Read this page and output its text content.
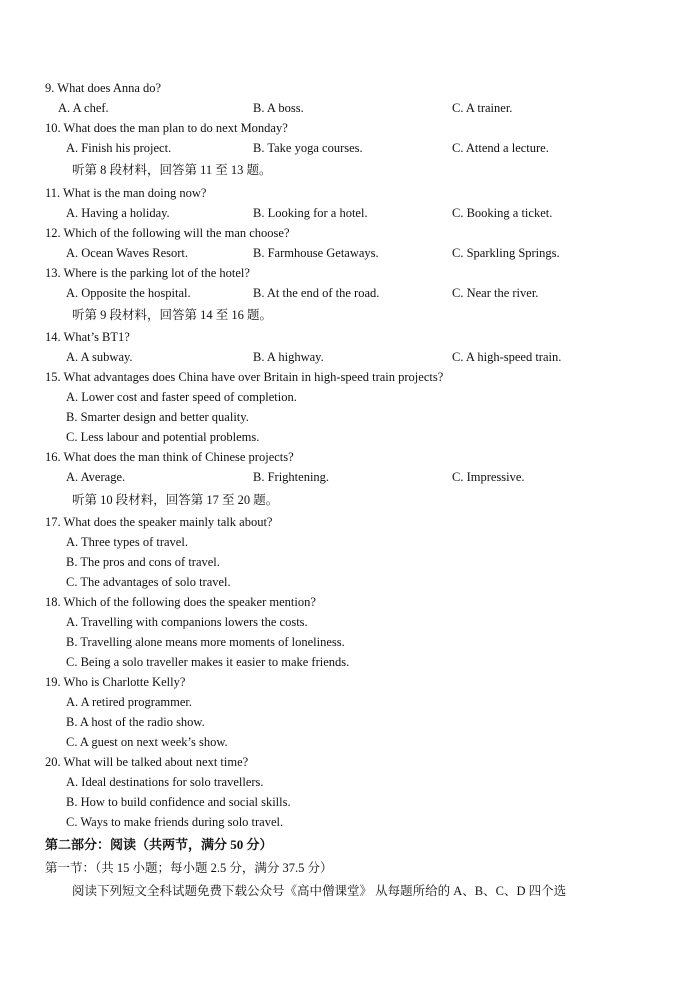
9. What does Anna do?
A. A chef.	B. A boss.	C. A trainer.
10. What does the man plan to do next Monday?
A. Finish his project.	B. Take yoga courses.	C. Attend a lecture.
听第 8 段材料，回答第 11 至 13 题。
11. What is the man doing now?
A. Having a holiday.	B. Looking for a hotel.	C. Booking a ticket.
12. Which of the following will the man choose?
A. Ocean Waves Resort.	B. Farmhouse Getaways.	C. Sparkling Springs.
13. Where is the parking lot of the hotel?
A. Opposite the hospital.	B. At the end of the road.	C. Near the river.
听第 9 段材料，回答第 14 至 16 题。
14. What’s BT1?
A. A subway.	B. A highway.	C. A high-speed train.
15. What advantages does China have over Britain in high-speed train projects?
A. Lower cost and faster speed of completion.
B. Smarter design and better quality.
C. Less labour and potential problems.
16. What does the man think of Chinese projects?
A. Average.	B. Frightening.	C. Impressive.
听第 10 段材料，回答第 17 至 20 题。
17. What does the speaker mainly talk about?
A. Three types of travel.
B. The pros and cons of travel.
C. The advantages of solo travel.
18. Which of the following does the speaker mention?
A. Travelling with companions lowers the costs.
B. Travelling alone means more moments of loneliness.
C. Being a solo traveller makes it easier to make friends.
19. Who is Charlotte Kelly?
A. A retired programmer.
B. A host of the radio show.
C. A guest on next week’s show.
20. What will be talked about next time?
A. Ideal destinations for solo travellers.
B. How to build confidence and social skills.
C. Ways to make friends during solo travel.
第二部分：阅读（共两节，满分 50 分）
第一节：（共 15 小题；每小题 2.5 分，满分 37.5 分）
阅读下列短文全科试题免费下载公众号《高中僧课堂》 从每题所给的 A、B、C、D 四个选
